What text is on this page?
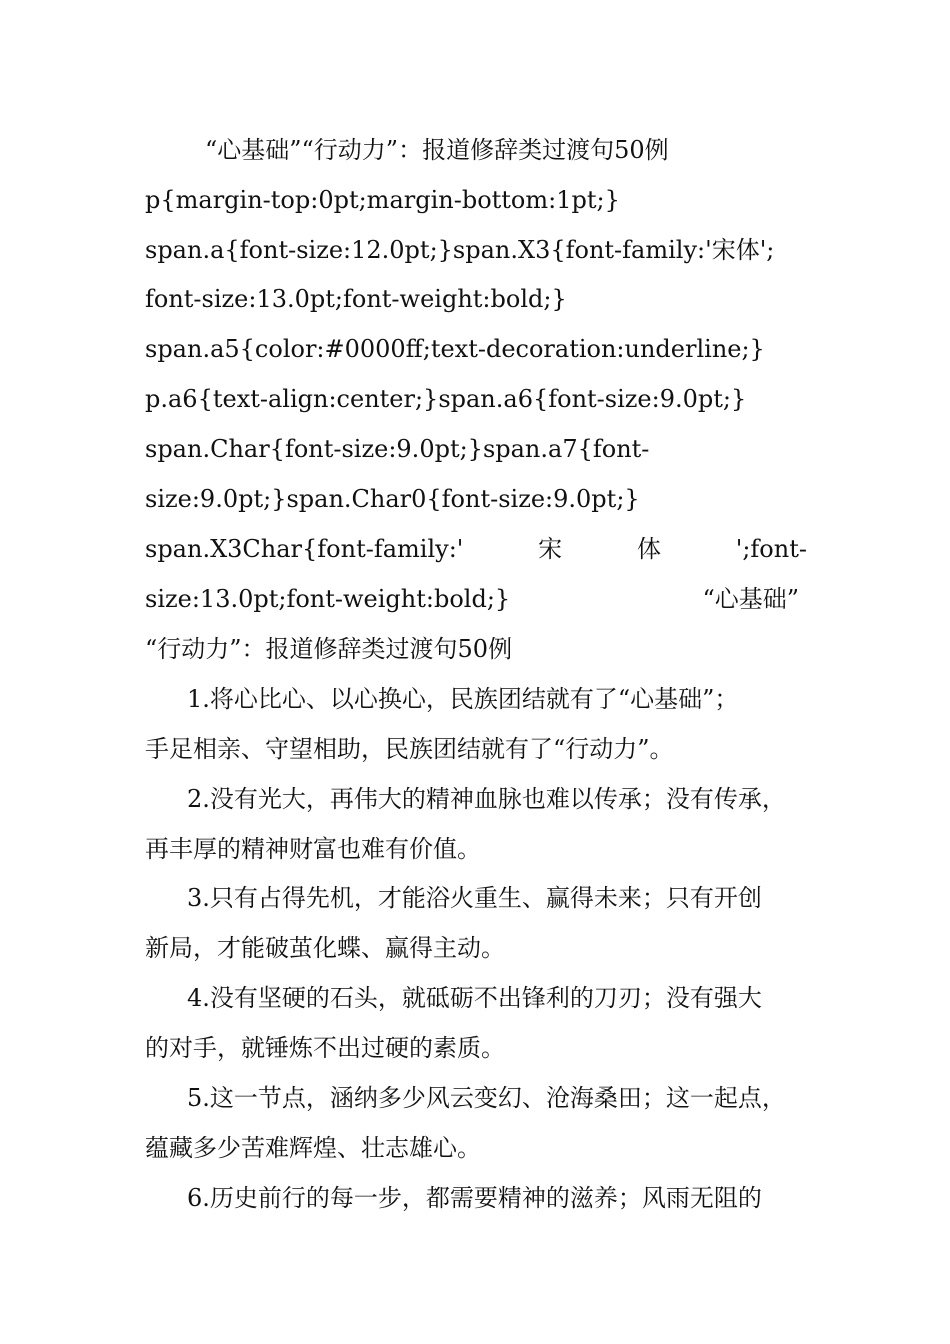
“心基础”“行动力”：报道修辞类过渡句50例
p{margin-top:0pt;margin-bottom:1pt;}
span.a{font-size:12.0pt;}span.X3{font-family:'宋体';
font-size:13.0pt;font-weight:bold;}
span.a5{color:#0000ff;text-decoration:underline;}
p.a6{text-align:center;}span.a6{font-size:9.0pt;}
span.Char{font-size:9.0pt;}span.a7{font-
size:9.0pt;}span.Char0{font-size:9.0pt;}
span.X3Char{font-family:'	宋	体	';font-
size:13.0pt;font-weight:bold;}	“心基础”
“行动力”：报道修辞类过渡句50例
1.将心比心、以心换心，民族团结就有了“心基础”；
手足相亲、守望相助，民族团结就有了“行动力”。
2.没有光大，再伟大的精神血脉也难以传承；没有传承，
再丰厚的精神财富也难有价值。
3.只有占得先机，才能浴火重生、赢得未来；只有开创
新局，才能破茧化蝶、赢得主动。
4.没有坚硬的石头，就砥砺不出锋利的刀刃；没有强大
的对手，就锤炼不出过硬的素质。
5.这一节点，涵纳多少风云变幻、沧海桑田；这一起点，
蕴藏多少苦难辉煌、壮志雄心。
6.历史前行的每一步，都需要精神的滋养；风雨无阻的
